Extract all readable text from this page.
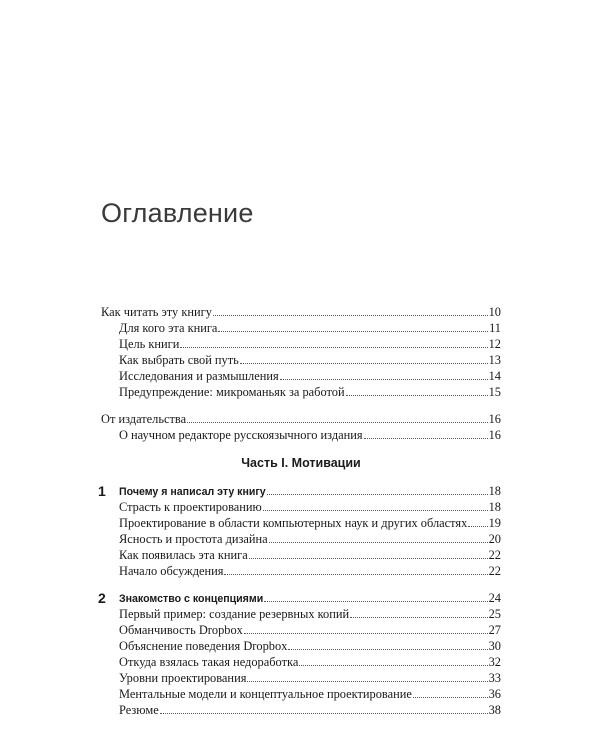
Оглавление
Как читать эту книгу	10
Для кого эта книга	11
Цель книги	12
Как выбрать свой путь	13
Исследования и размышления	14
Предупреждение: микроманьяк за работой	15
От издательства	16
О научном редакторе русскоязычного издания	16
Часть I. Мотивации
1 Почему я написал эту книгу	18
Страсть к проектированию	18
Проектирование в области компьютерных наук и других областях 19
Ясность и простота дизайна	20
Как появилась эта книга	22
Начало обсуждения	22
2 Знакомство с концепциями	24
Первый пример: создание резервных копий	25
Обманчивость Dropbox	27
Объяснение поведения Dropbox	30
Откуда взялась такая недоработка	32
Уровни проектирования	33
Ментальные модели и концептуальное проектирование	36
Резюме	38
